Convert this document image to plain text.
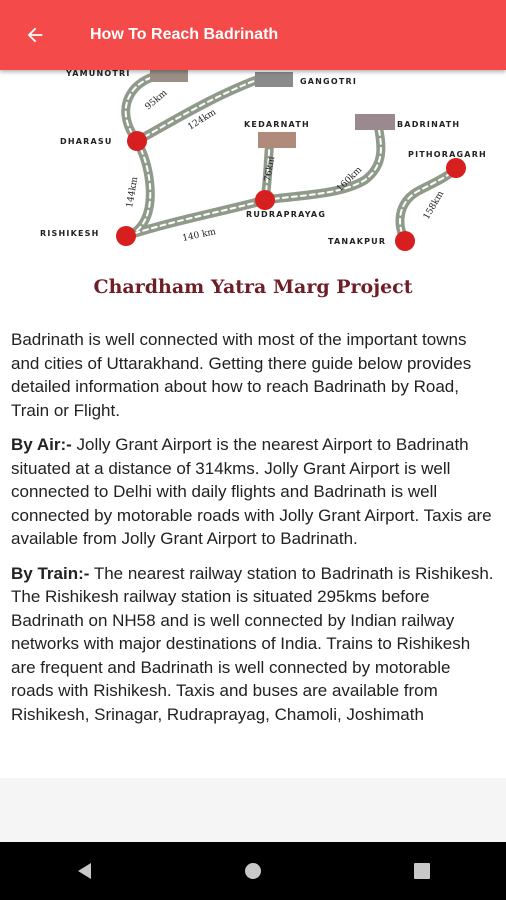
How To Reach Badrinath
YAMUNOTRI
GANGOTRI
KEDARNATH	BADRINATH
PITHORAGARH
DHARASU
RISHIKESH
RUDRAPRAYAG
TANAKPUR
95km
124km
76km	160km
144km
140 km
158km
Chardham Yatra Marg Project

Badrinath is well connected with most of the important towns and cities of Uttarakhand. Getting there guide below provides detailed information about how to reach Badrinath by Road, Train or Flight.

By Air:- Jolly Grant Airport is the nearest Airport to Badrinath situated at a distance of 314kms. Jolly Grant Airport is well connected to Delhi with daily flights and Badrinath is well connected by motorable roads with Jolly Grant Airport. Taxis are available from Jolly Grant Airport to Badrinath.

By Train:- The nearest railway station to Badrinath is Rishikesh. The Rishikesh railway station is situated 295kms before Badrinath on NH58 and is well connected by Indian railway networks with major destinations of India. Trains to Rishikesh are frequent and Badrinath is well connected by motorable roads with Rishikesh. Taxis and buses are available from Rishikesh, Srinagar, Rudraprayag, Chamoli, Joshimath
